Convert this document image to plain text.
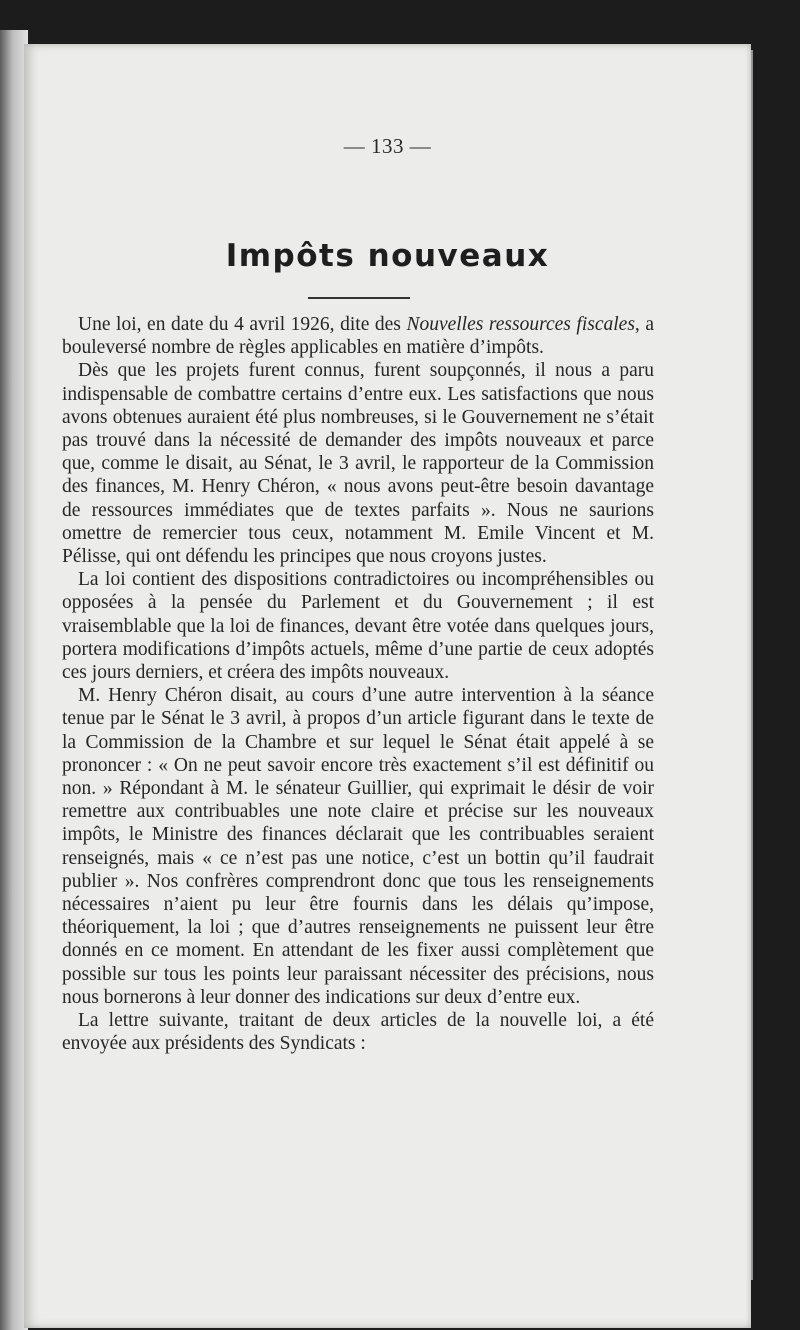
— 133 —
Impôts nouveaux

Une loi, en date du 4 avril 1926, dite des Nouvelles ressources fiscales, a bouleversé nombre de règles applicables en matière d’impôts.

Dès que les projets furent connus, furent soupçonnés, il nous a paru indispensable de combattre certains d’entre eux. Les satisfactions que nous avons obtenues auraient été plus nombreuses, si le Gouvernement ne s’était pas trouvé dans la nécessité de demander des impôts nouveaux et parce que, comme le disait, au Sénat, le 3 avril, le rapporteur de la Commission des finances, M. Henry Chéron, « nous avons peut-être besoin davantage de ressources immédiates que de textes parfaits ». Nous ne saurions omettre de remercier tous ceux, notamment M. Emile Vincent et M. Pélisse, qui ont défendu les principes que nous croyons justes.

La loi contient des dispositions contradictoires ou incompréhensibles ou opposées à la pensée du Parlement et du Gouvernement ; il est vraisemblable que la loi de finances, devant être votée dans quelques jours, portera modifications d’impôts actuels, même d’une partie de ceux adoptés ces jours derniers, et créera des impôts nouveaux.

M. Henry Chéron disait, au cours d’une autre intervention à la séance tenue par le Sénat le 3 avril, à propos d’un article figurant dans le texte de la Commission de la Chambre et sur lequel le Sénat était appelé à se prononcer : « On ne peut savoir encore très exactement s’il est définitif ou non. » Répondant à M. le sénateur Guillier, qui exprimait le désir de voir remettre aux contribuables une note claire et précise sur les nouveaux impôts, le Ministre des finances déclarait que les contribuables seraient renseignés, mais « ce n’est pas une notice, c’est un bottin qu’il faudrait publier ». Nos confrères comprendront donc que tous les renseignements nécessaires n’aient pu leur être fournis dans les délais qu’impose, théoriquement, la loi ; que d’autres renseignements ne puissent leur être donnés en ce moment. En attendant de les fixer aussi complètement que possible sur tous les points leur paraissant nécessiter des précisions, nous nous bornerons à leur donner des indications sur deux d’entre eux.

La lettre suivante, traitant de deux articles de la nouvelle loi, a été envoyée aux présidents des Syndicats :
